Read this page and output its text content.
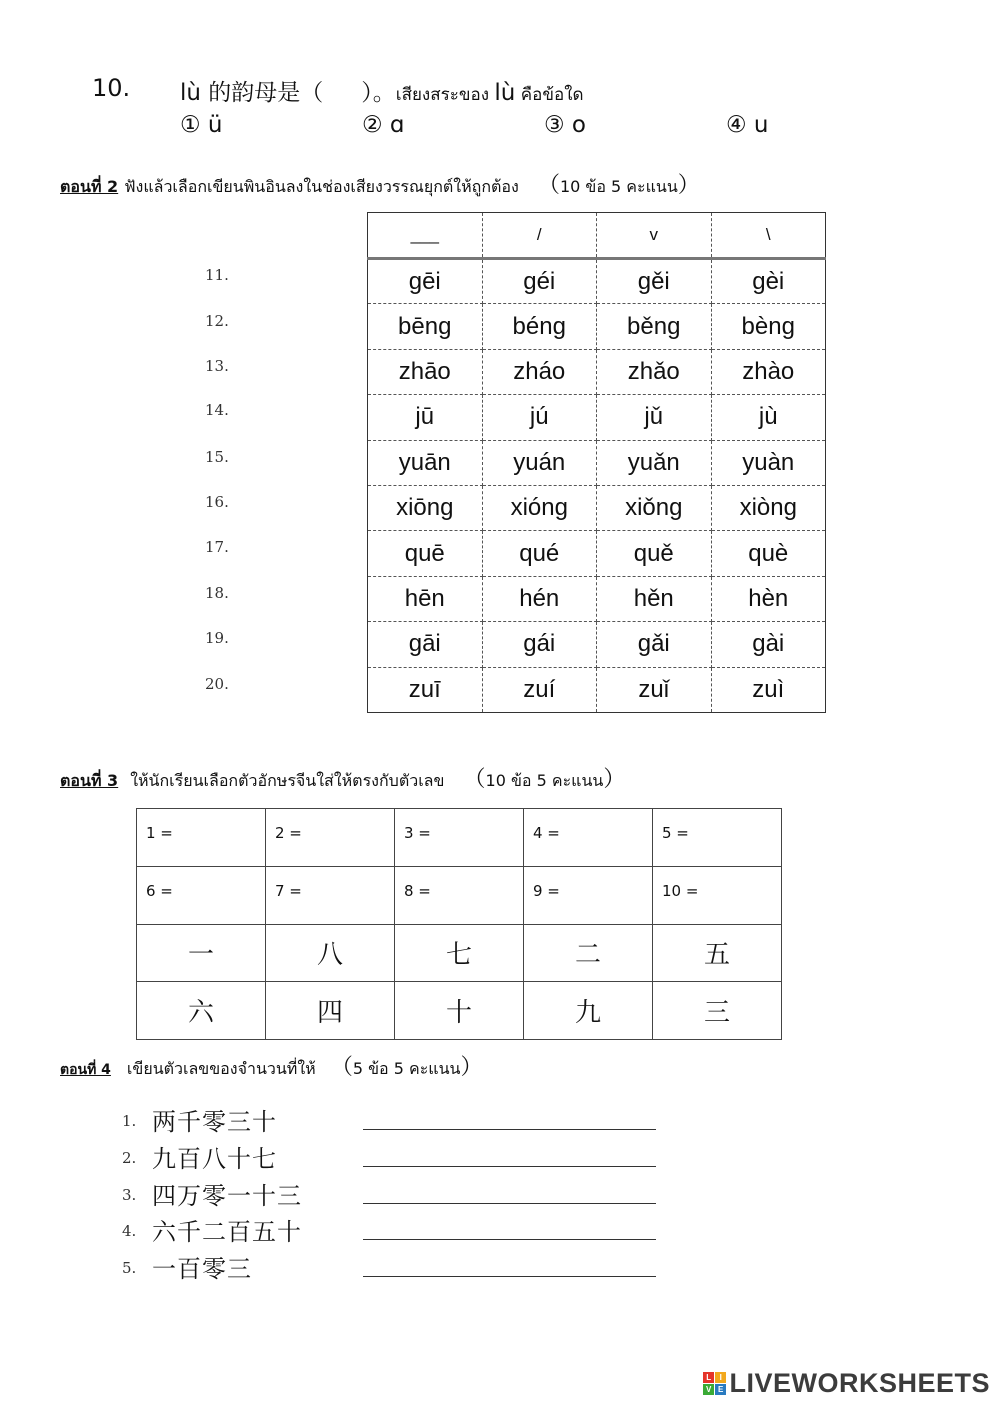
10. lù 的韵母是（ ）。เสียงสระของ lù คือข้อใด
① ü	② ɑ	③ o	④ u
ตอนที่ 2 ฟังแล้วเลือกเขียนพินอินลงในช่องเสียงวรรณยุกต์ให้ถูกต้อง （10 ข้อ 5 คะแนน）
11.
12.
13.
14.
15.
16.
17.
18.
19.
20.
___	/	v	\
gēi	géi	gěi	gèi
bēng	béng	běng	bèng
zhāo	zháo	zhǎo	zhào
jū	jú	jǔ	jù
yuān	yuán	yuǎn	yuàn
xiōng	xióng	xiǒng	xiòng
quē	qué	quě	què
hēn	hén	hěn	hèn
gāi	gái	gǎi	gài
zuī	zuí	zuǐ	zuì
ตอนที่ 3 ให้นักเรียนเลือกตัวอักษรจีนใส่ให้ตรงกับตัวเลข （10 ข้อ 5 คะแนน）
1 =	2 =	3 =	4 =	5 =
6 =	7 =	8 =	9 =	10 =
一	八	七	二	五
六	四	十	九	三
ตอนที่ 4 เขียนตัวเลขของจำนวนที่ให้ （5 ข้อ 5 คะแนน）
1. 两千零三十
2. 九百八十七
3. 四万零一十三
4. 六千二百五十
5. 一百零三
L I
V E LIVEWORKSHEETS
